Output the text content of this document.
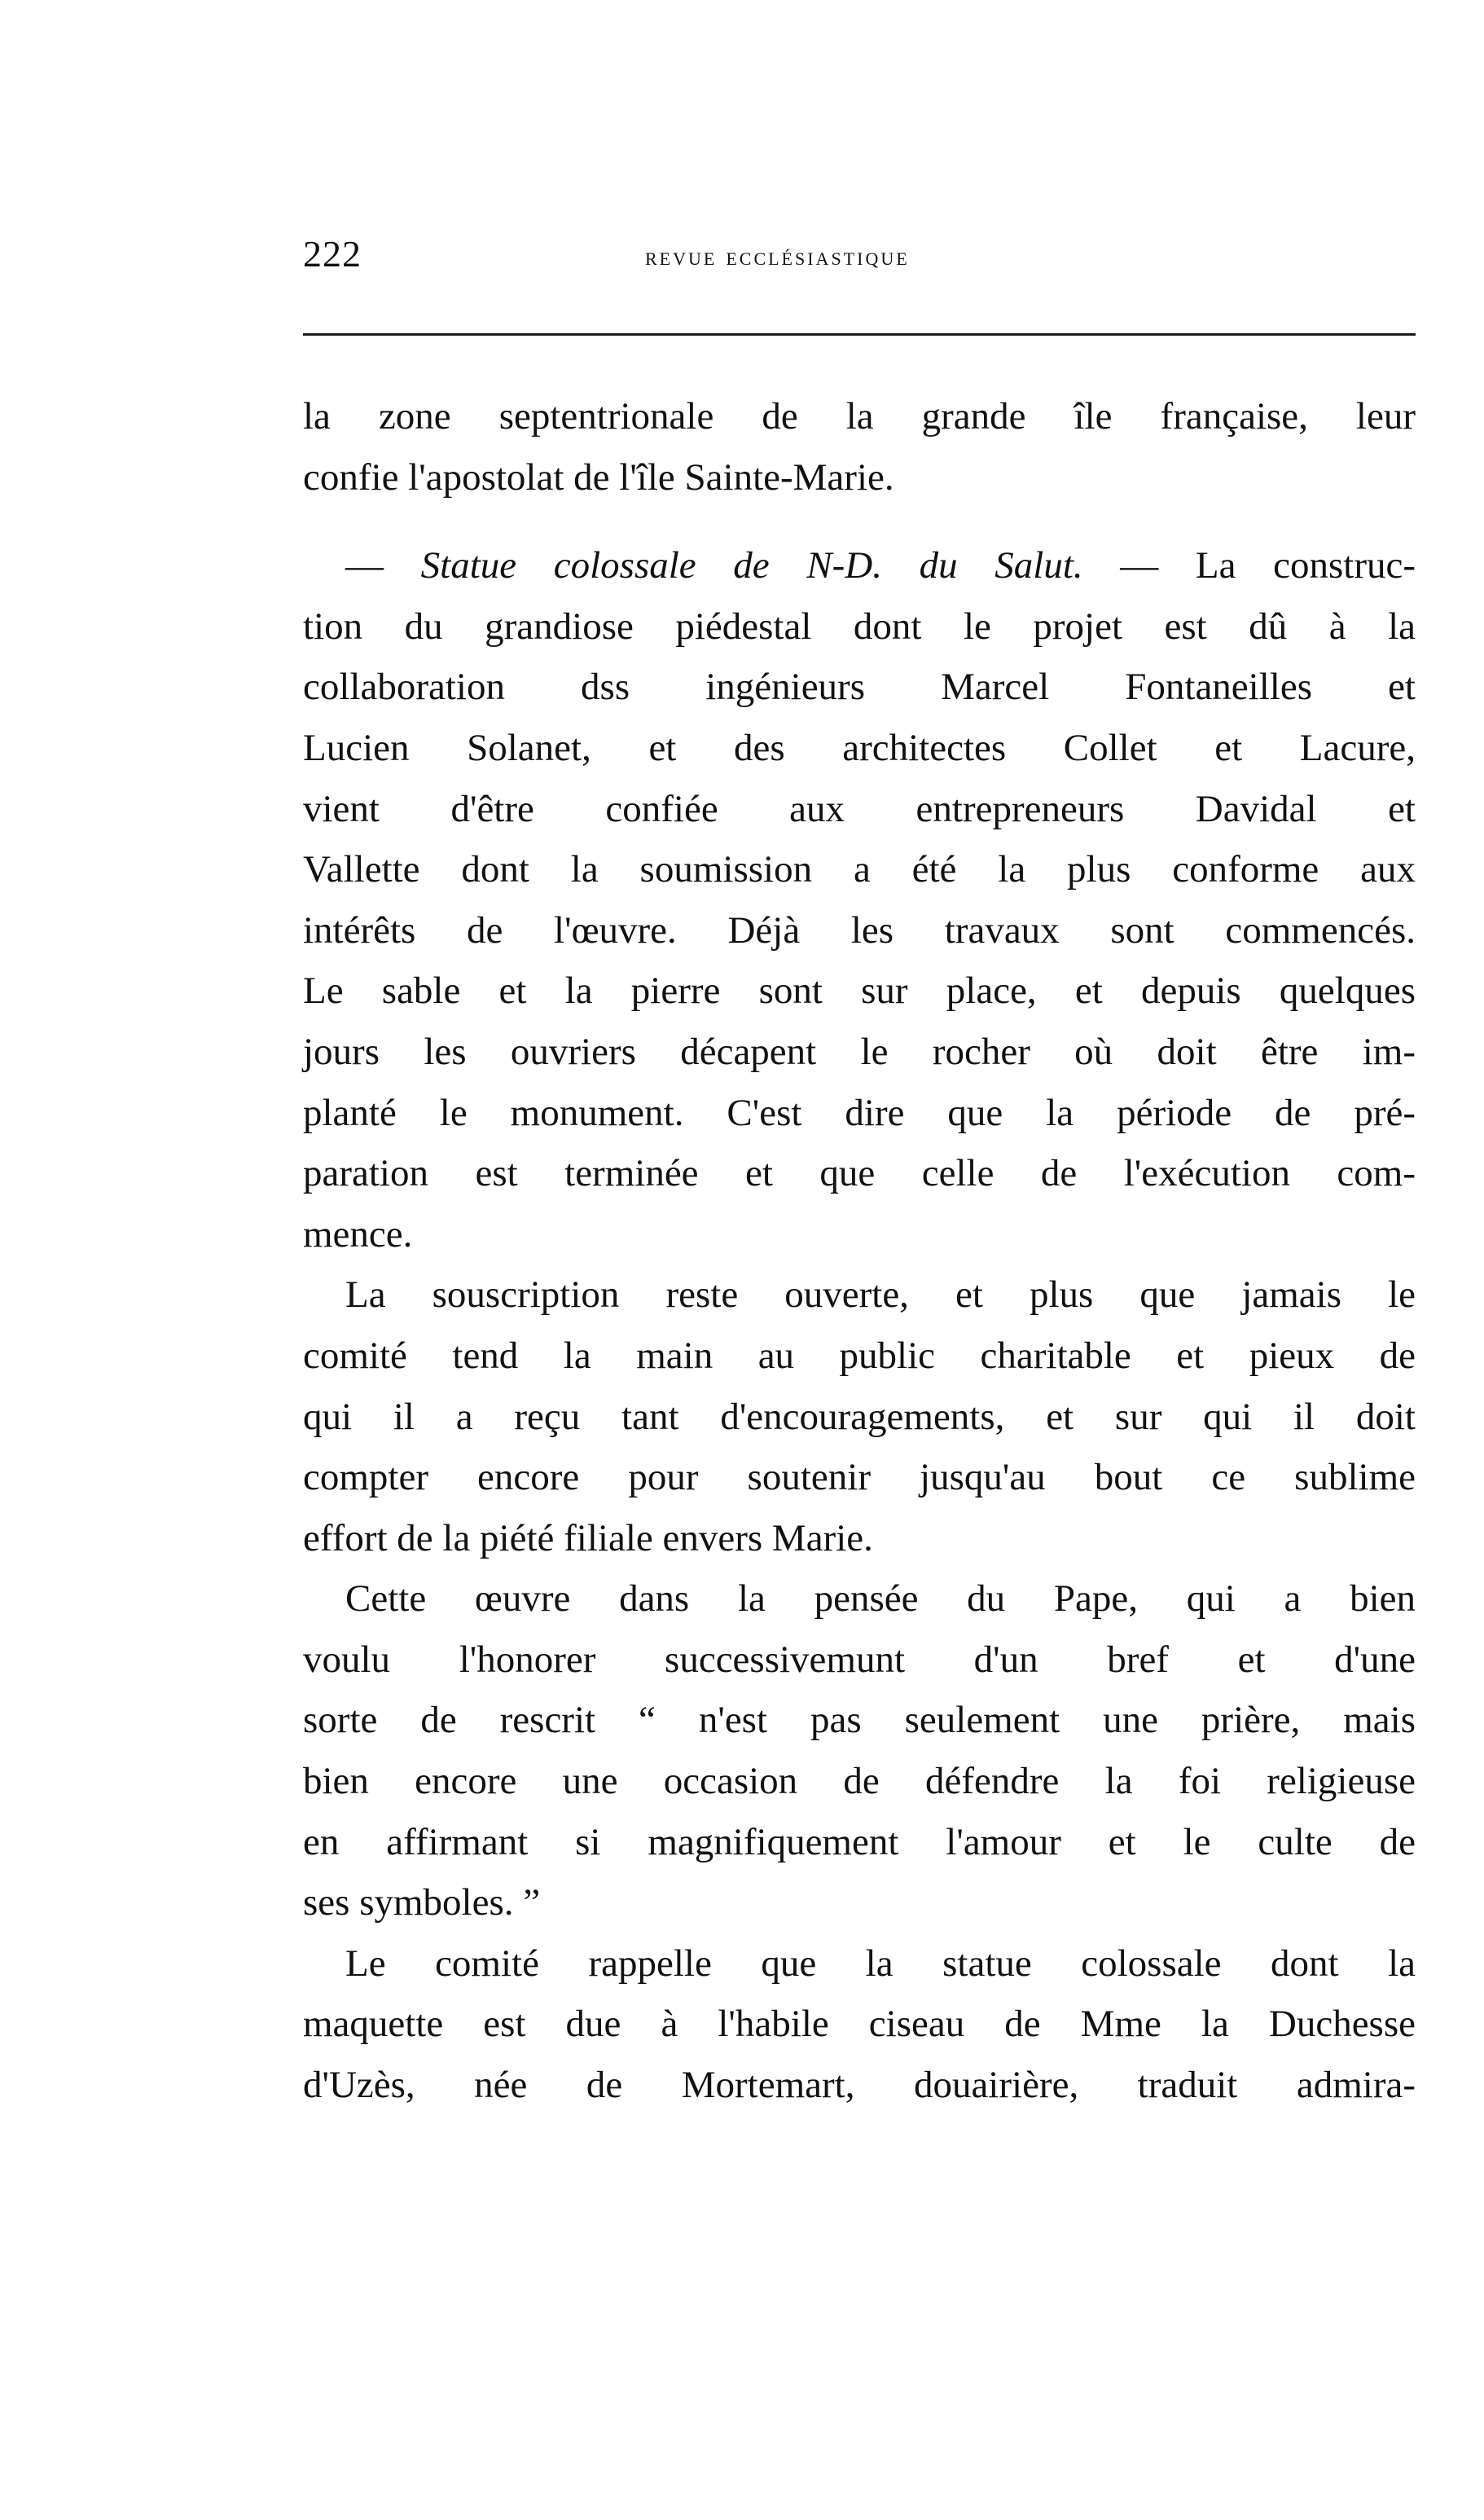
222	revue ecclésiastique
la zone septentrionale de la grande île française, leur
confie l'apostolat de l'île Sainte-Marie.
— Statue colossale de N-D. du Salut. — La construc-
tion du grandiose piédestal dont le projet est dû à la
collaboration dss ingénieurs Marcel Fontaneilles et
Lucien Solanet, et des architectes Collet et Lacure,
vient d'être confiée aux entrepreneurs Davidal et
Vallette dont la soumission a été la plus conforme aux
intérêts de l'œuvre. Déjà les travaux sont commencés.
Le sable et la pierre sont sur place, et depuis quelques
jours les ouvriers décapent le rocher où doit être im-
planté le monument. C'est dire que la période de pré-
paration est terminée et que celle de l'exécution com-
mence.
La souscription reste ouverte, et plus que jamais le
comité tend la main au public charitable et pieux de
qui il a reçu tant d'encouragements, et sur qui il doit
compter encore pour soutenir jusqu'au bout ce sublime
effort de la piété filiale envers Marie.
Cette œuvre dans la pensée du Pape, qui a bien
voulu l'honorer successivemunt d'un bref et d'une
sorte de rescrit “ n'est pas seulement une prière, mais
bien encore une occasion de défendre la foi religieuse
en affirmant si magnifiquement l'amour et le culte de
ses symboles. ”
Le comité rappelle que la statue colossale dont la
maquette est due à l'habile ciseau de Mme la Duchesse
d'Uzès, née de Mortemart, douairière, traduit admira-
